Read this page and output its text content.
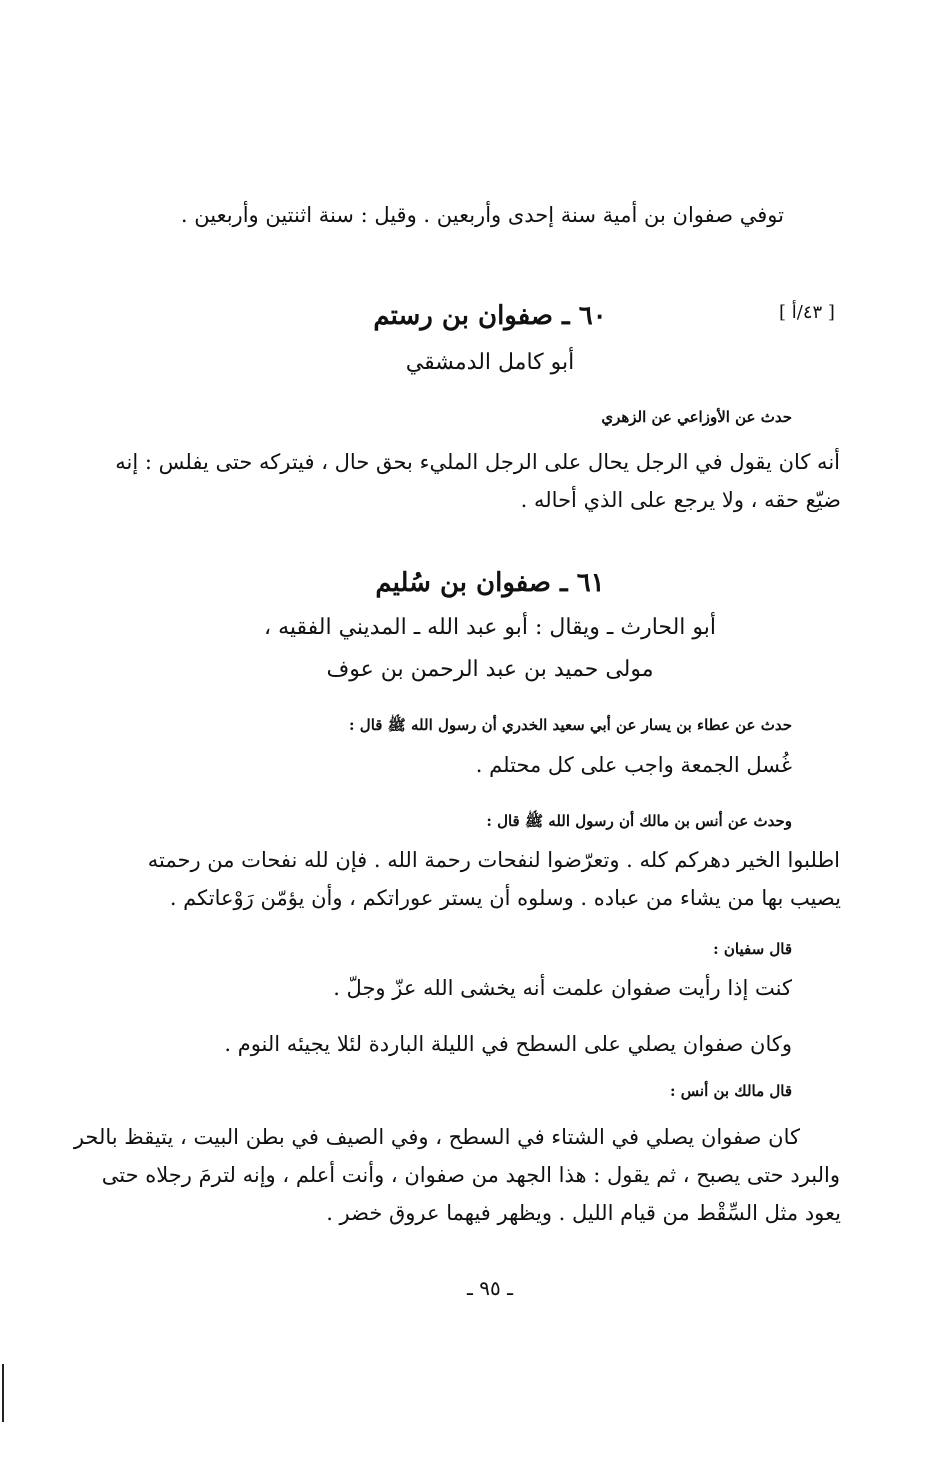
توفي صفوان بن أمية سنة إحدى وأربعين . وقيل : سنة اثنتين وأربعين .
[ ٤٣/أ ]
٦٠ ـ صفوان بن رستم
أبو كامل الدمشقي
حدث عن الأوزاعي عن الزهري
أنه كان يقول في الرجل يحال على الرجل المليء بحق حال ، فيتركه حتى يفلس : إنه
ضيّع حقه ، ولا يرجع على الذي أحاله .
٦١ ـ صفوان بن سُليم
أبو الحارث ـ ويقال : أبو عبد الله ـ المديني الفقيه ،
مولى حميد بن عبد الرحمن بن عوف
حدث عن عطاء بن يسار عن أبي سعيد الخدري أن رسول الله ﷺ قال :
غُسل الجمعة واجب على كل محتلم .
وحدث عن أنس بن مالك أن رسول الله ﷺ قال :
اطلبوا الخير دهركم كله . وتعرّضوا لنفحات رحمة الله . فإن لله نفحات من رحمته
يصيب بها من يشاء من عباده . وسلوه أن يستر عوراتكم ، وأن يؤمّن رَوْعاتكم .
قال سفيان :
كنت إذا رأيت صفوان علمت أنه يخشى الله عزّ وجلّ .
وكان صفوان يصلي على السطح في الليلة الباردة لئلا يجيئه النوم .
قال مالك بن أنس :
كان صفوان يصلي في الشتاء في السطح ، وفي الصيف في بطن البيت ، يتيقظ بالحر
والبرد حتى يصبح ، ثم يقول : هذا الجهد من صفوان ، وأنت أعلم ، وإنه لترمَ رجلاه حتى
يعود مثل السِّقْط من قيام الليل . ويظهر فيهما عروق خضر .
ـ ٩٥ ـ
